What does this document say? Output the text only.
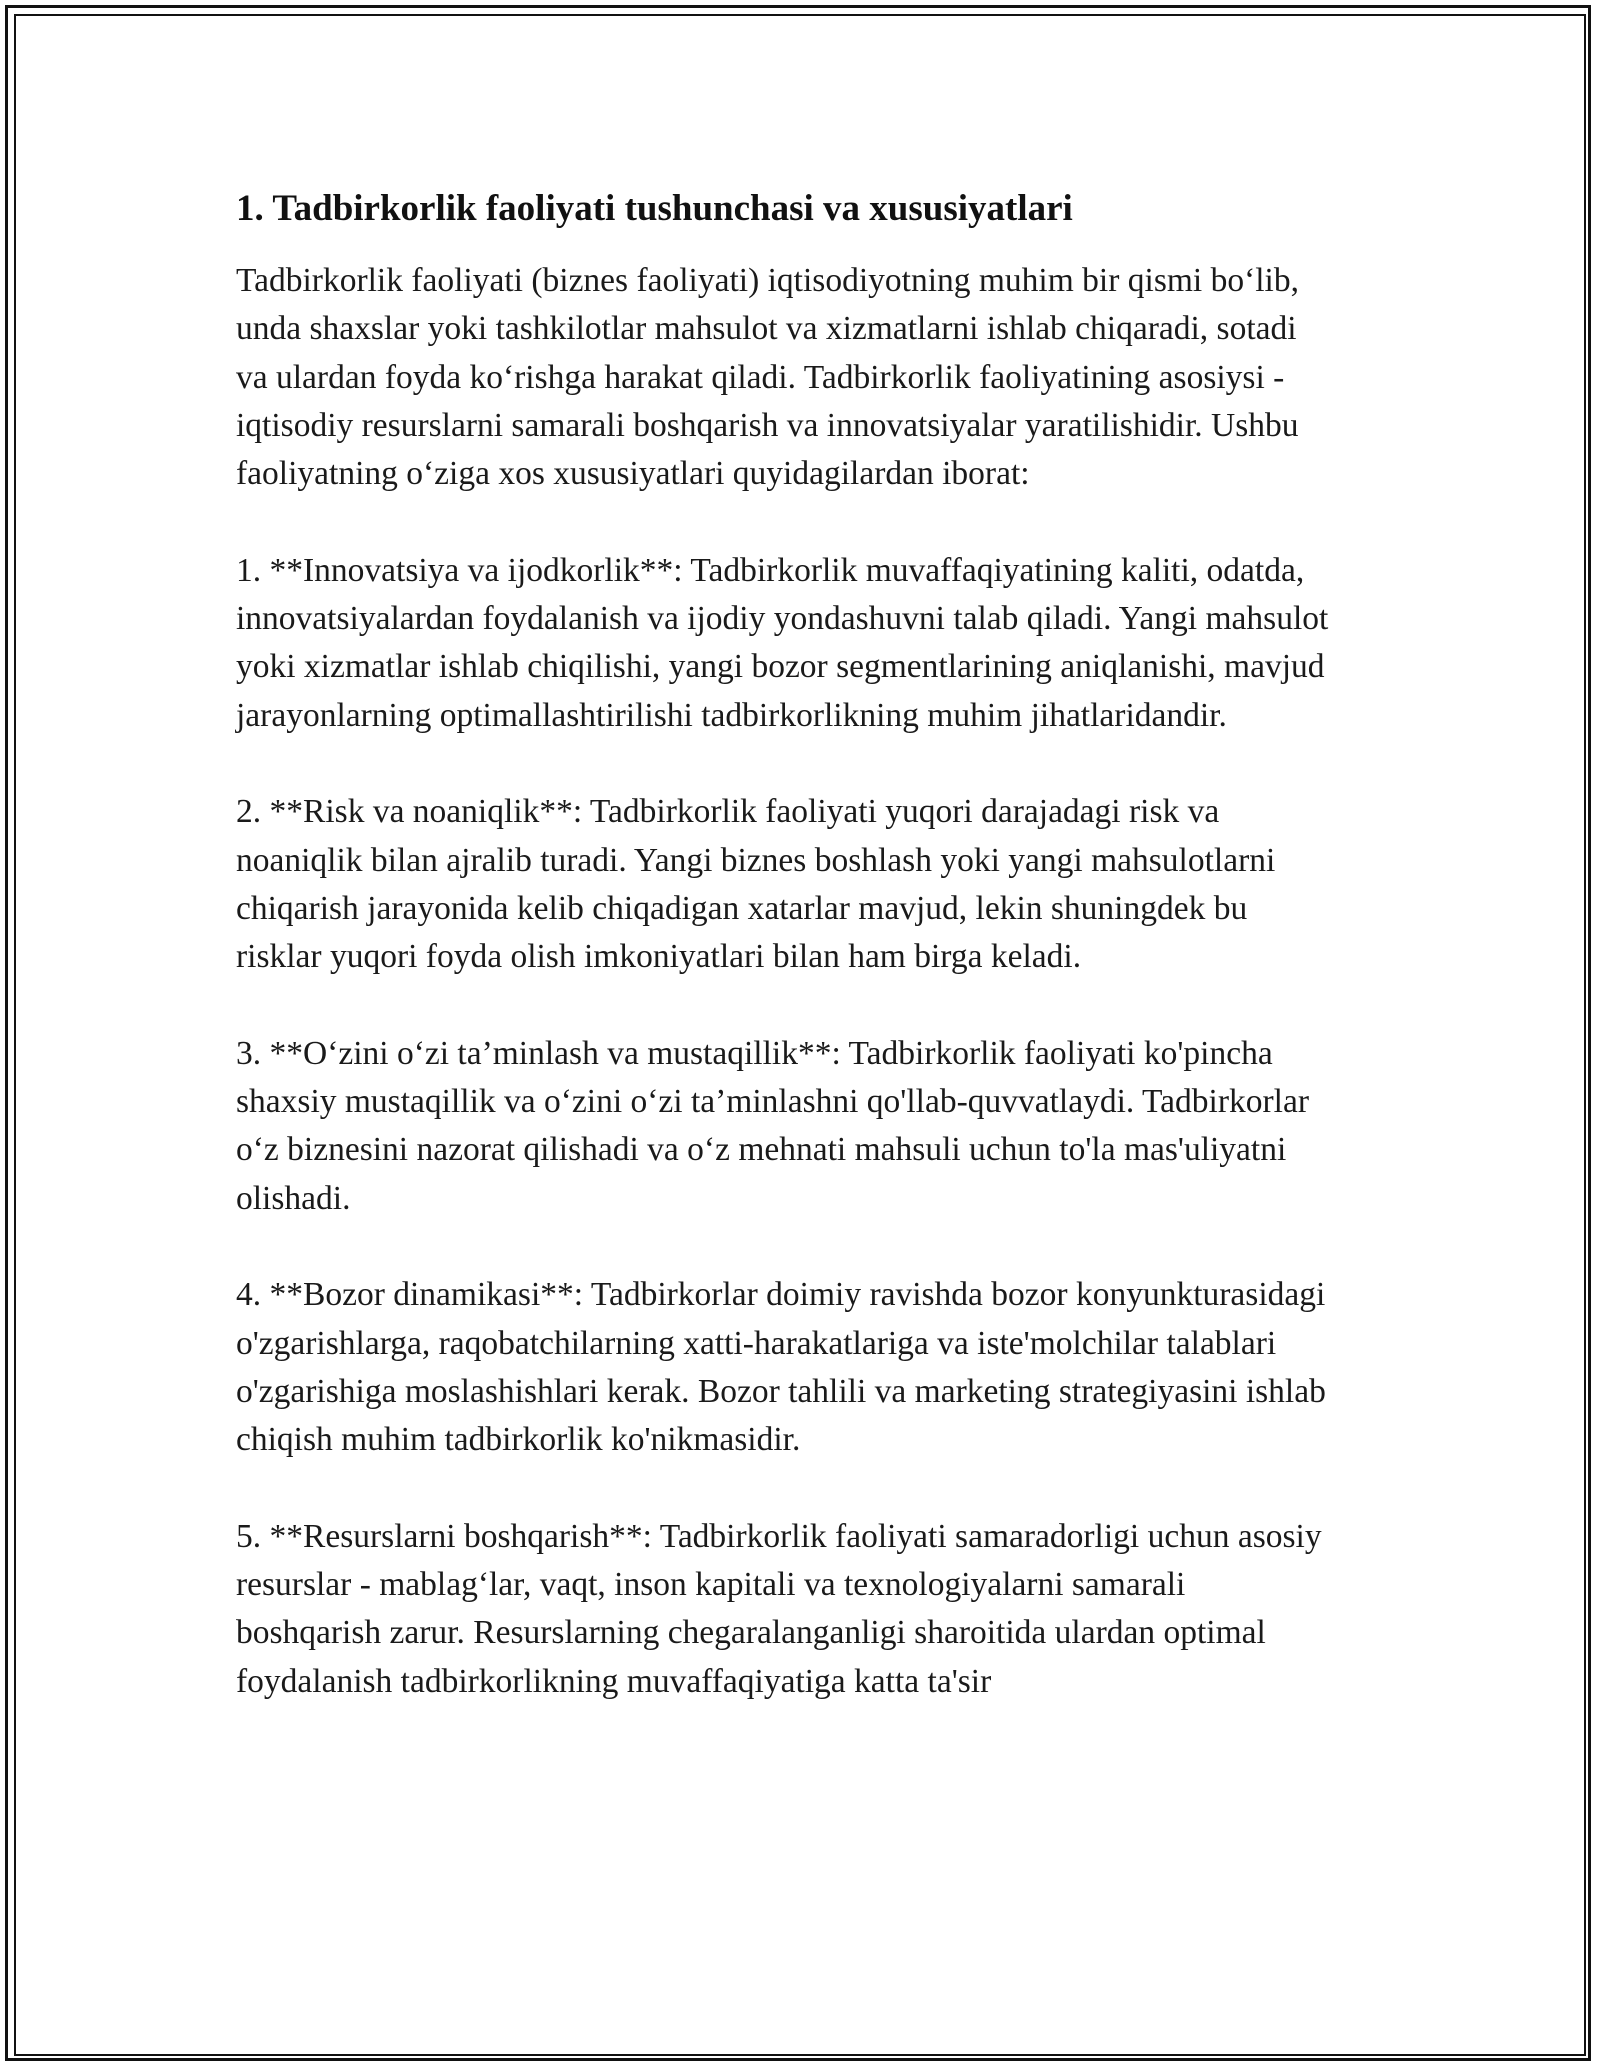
1. Tadbirkorlik faoliyati tushunchasi va xususiyatlari

Tadbirkorlik faoliyati (biznes faoliyati) iqtisodiyotning muhim bir qismi bo‘lib, unda shaxslar yoki tashkilotlar mahsulot va xizmatlarni ishlab chiqaradi, sotadi va ulardan foyda ko‘rishga harakat qiladi. Tadbirkorlik faoliyatining asosiysi - iqtisodiy resurslarni samarali boshqarish va innovatsiyalar yaratilishidir. Ushbu faoliyatning o‘ziga xos xususiyatlari quyidagilardan iborat:

1. **Innovatsiya va ijodkorlik**: Tadbirkorlik muvaffaqiyatining kaliti, odatda, innovatsiyalardan foydalanish va ijodiy yondashuvni talab qiladi. Yangi mahsulot yoki xizmatlar ishlab chiqilishi, yangi bozor segmentlarining aniqlanishi, mavjud jarayonlarning optimallashtirilishi tadbirkorlikning muhim jihatlaridandir.

2. **Risk va noaniqlik**: Tadbirkorlik faoliyati yuqori darajadagi risk va noaniqlik bilan ajralib turadi. Yangi biznes boshlash yoki yangi mahsulotlarni chiqarish jarayonida kelib chiqadigan xatarlar mavjud, lekin shuningdek bu risklar yuqori foyda olish imkoniyatlari bilan ham birga keladi.

3. **O‘zini o‘zi ta’minlash va mustaqillik**: Tadbirkorlik faoliyati ko'pincha shaxsiy mustaqillik va o‘zini o‘zi ta’minlashni qo'llab-quvvatlaydi. Tadbirkorlar o‘z biznesini nazorat qilishadi va o‘z mehnati mahsuli uchun to'la mas'uliyatni olishadi.

4. **Bozor dinamikasi**: Tadbirkorlar doimiy ravishda bozor konyunkturasidagi o'zgarishlarga, raqobatchilarning xatti-harakatlariga va iste'molchilar talablari o'zgarishiga moslashishlari kerak. Bozor tahlili va marketing strategiyasini ishlab chiqish muhim tadbirkorlik ko'nikmasidir.

5. **Resurslarni boshqarish**: Tadbirkorlik faoliyati samaradorligi uchun asosiy resurslar - mablag‘lar, vaqt, inson kapitali va texnologiyalarni samarali boshqarish zarur. Resurslarning chegaralanganligi sharoitida ulardan optimal foydalanish tadbirkorlikning muvaffaqiyatiga katta ta'sir
